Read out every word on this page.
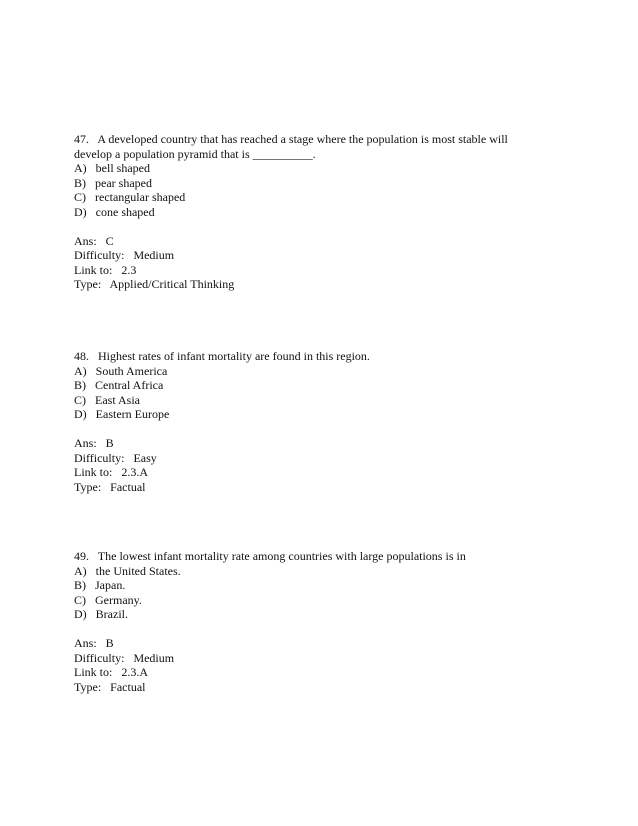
47.   A developed country that has reached a stage where the population is most stable will
develop a population pyramid that is __________.
A)   bell shaped
B)   pear shaped
C)   rectangular shaped
D)   cone shaped
Ans:   C
Difficulty:   Medium
Link to:   2.3
Type:   Applied/Critical Thinking
48.   Highest rates of infant mortality are found in this region.
A)   South America
B)   Central Africa
C)   East Asia
D)   Eastern Europe
Ans:   B
Difficulty:   Easy
Link to:   2.3.A
Type:   Factual
49.   The lowest infant mortality rate among countries with large populations is in
A)   the United States.
B)   Japan.
C)   Germany.
D)   Brazil.
Ans:   B
Difficulty:   Medium
Link to:   2.3.A
Type:   Factual
